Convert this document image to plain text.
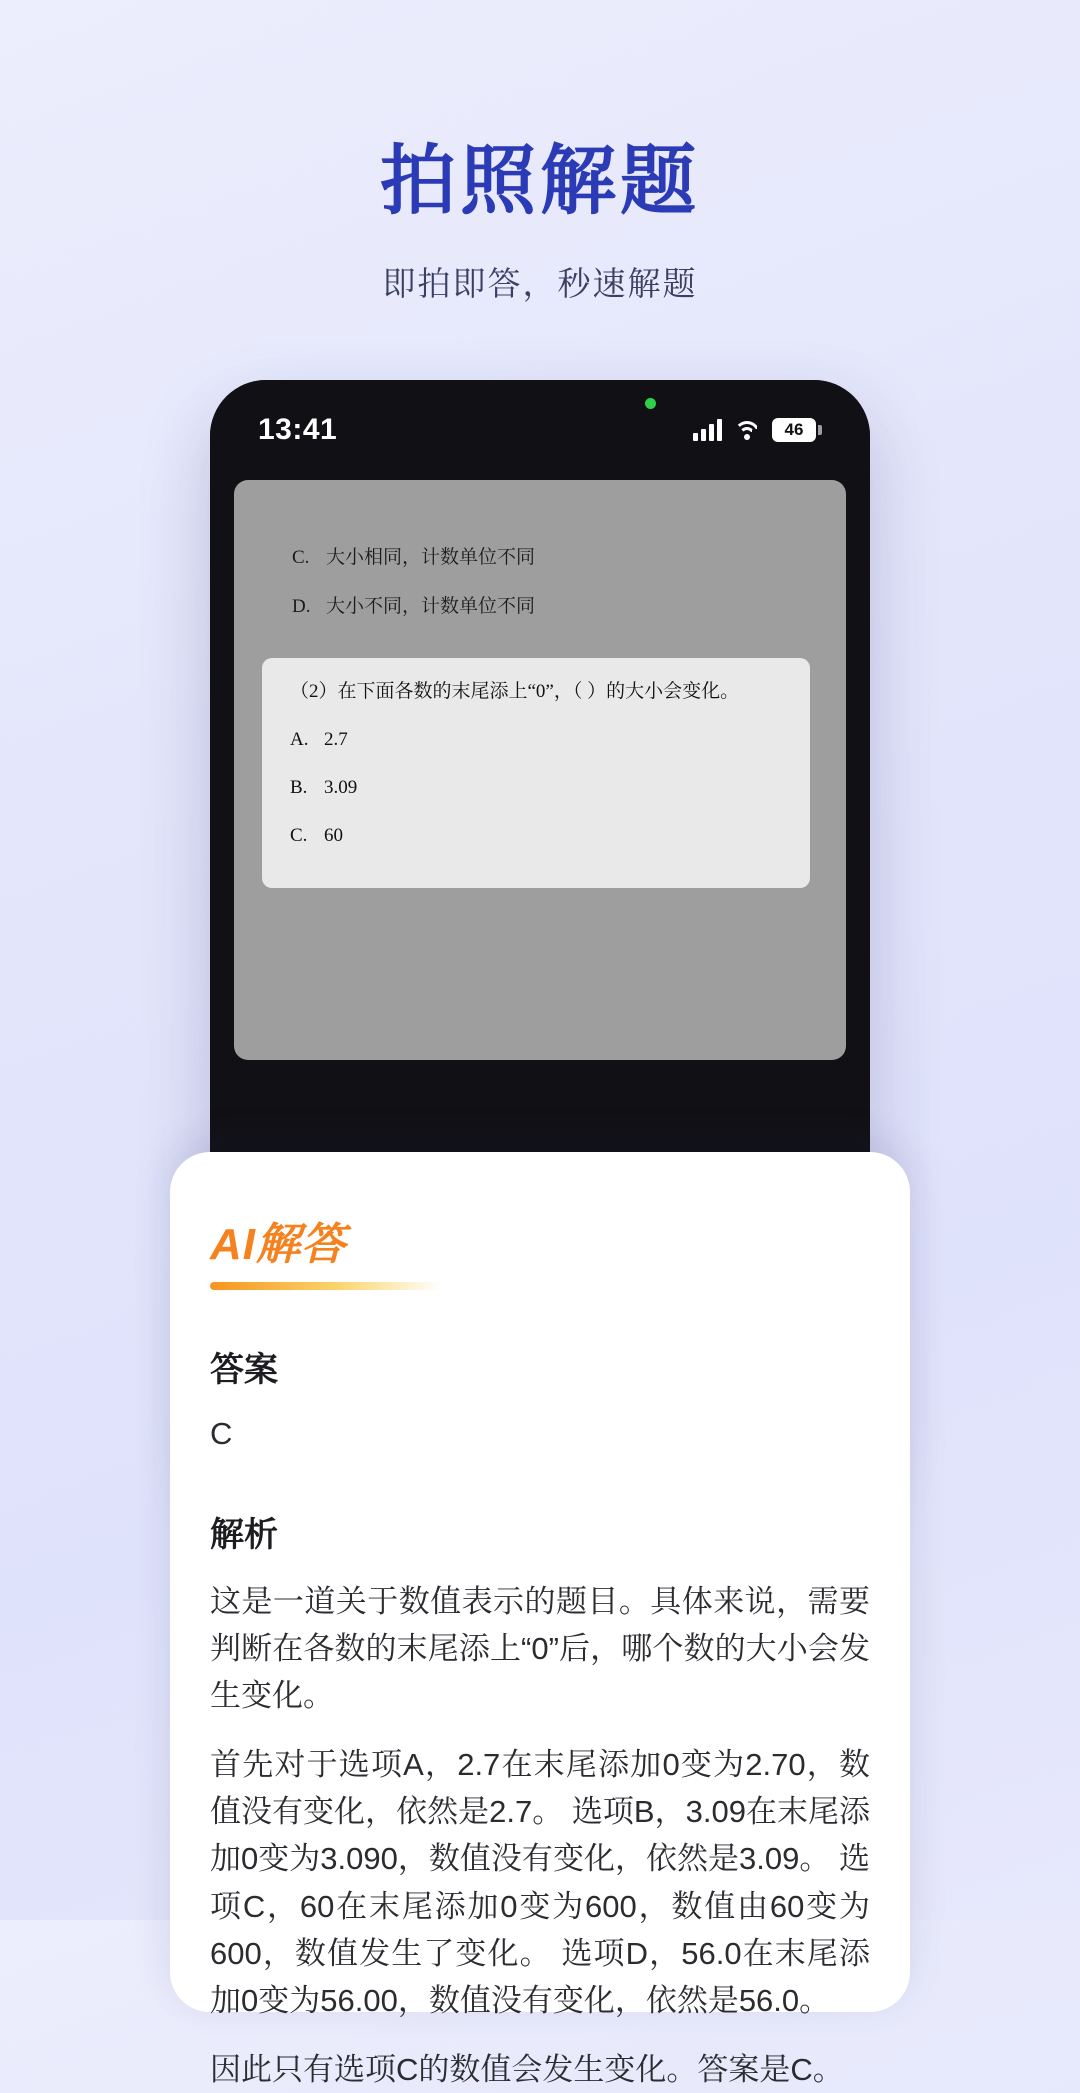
拍照解题
即拍即答，秒速解题
13:41	46
C. 大小相同，计数单位不同
D. 大小不同，计数单位不同
（2）在下面各数的末尾添上“0”，（ ）的大小会变化。
A. 2.7
B. 3.09
C. 60
AI解答
答案
C
解析
这是一道关于数值表示的题目。具体来说，需要判断在各数的末尾添上“0”后，哪个数的大小会发生变化。
首先对于选项A，2.7在末尾添加0变为2.70，数值没有变化，依然是2.7。 选项B，3.09在末尾添加0变为3.090，数值没有变化，依然是3.09。 选项C，60在末尾添加0变为600，数值由60变为600，数值发生了变化。 选项D，56.0在末尾添加0变为56.00，数值没有变化，依然是56.0。
因此只有选项C的数值会发生变化。答案是C。
